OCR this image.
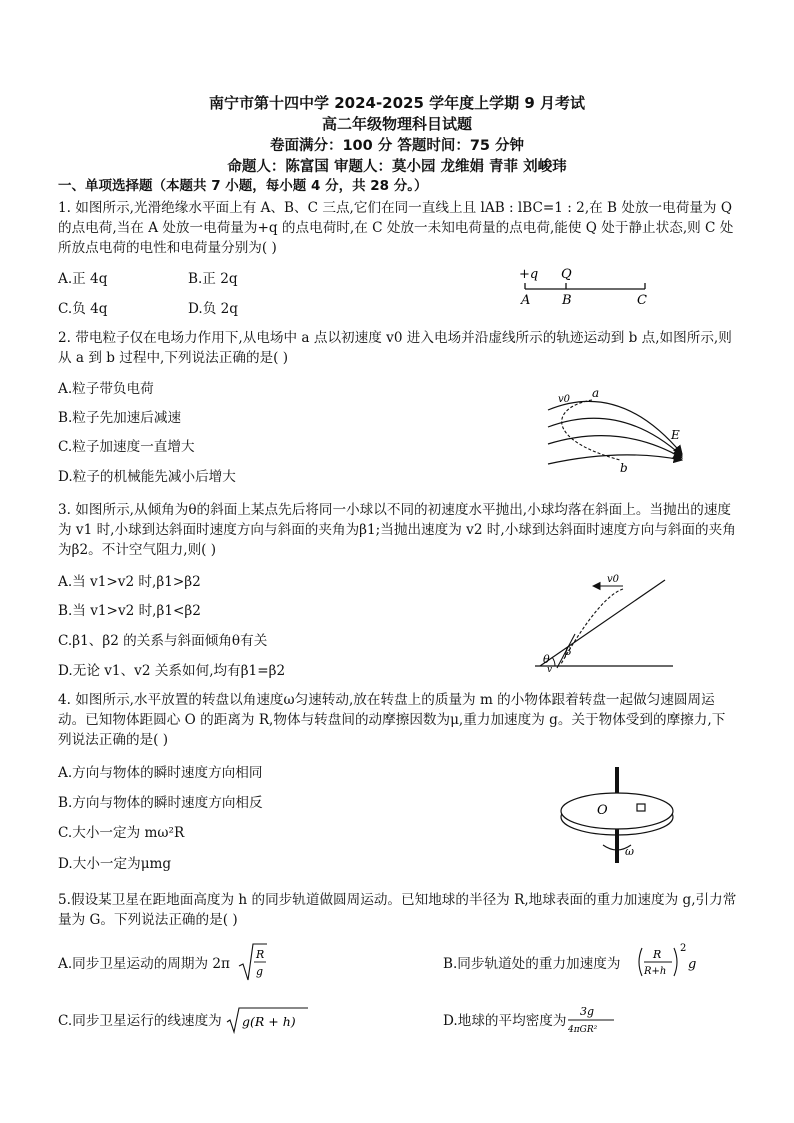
南宁市第十四中学 2024-2025 学年度上学期 9 月考试
高二年级物理科目试题
卷面满分：100 分 答题时间：75 分钟
命题人：陈富国 审题人：莫小园 龙维娟 青菲 刘峻玮
一、单项选择题（本题共 7 小题，每小题 4 分，共 28 分。）
1. 如图所示,光滑绝缘水平面上有 A、B、C 三点,它们在同一直线上且 lAB : lBC=1 : 2,在 B 处放一电荷量为 Q 的点电荷,当在 A 处放一电荷量为+q 的点电荷时,在 C 处放一未知电荷量的点电荷,能使 Q 处于静止状态,则 C 处所放点电荷的电性和电荷量分别为( )
A.正 4q	B.正 2q
C.负 4q	D.负 2q
+q Q
A B	C
2. 带电粒子仅在电场力作用下,从电场中 a 点以初速度 v0 进入电场并沿虚线所示的轨迹运动到 b 点,如图所示,则从 a 到 b 过程中,下列说法正确的是( )
A.粒子带负电荷
B.粒子先加速后减速
C.粒子加速度一直增大
D.粒子的机械能先减小后增大
v0 a
E
b
3. 如图所示,从倾角为θ的斜面上某点先后将同一小球以不同的初速度水平抛出,小球均落在斜面上。当抛出的速度为 v1 时,小球到达斜面时速度方向与斜面的夹角为β1;当抛出速度为 v2 时,小球到达斜面时速度方向与斜面的夹角为β2。不计空气阻力,则( )
A.当 v1>v2 时,β1>β2
B.当 v1>v2 时,β1<β2
C.β1、β2 的关系与斜面倾角θ有关
D.无论 v1、v2 关系如何,均有β1=β2
v0
θ
β
v
4. 如图所示,水平放置的转盘以角速度ω匀速转动,放在转盘上的质量为 m 的小物体跟着转盘一起做匀速圆周运动。已知物体距圆心 O 的距离为 R,物体与转盘间的动摩擦因数为μ,重力加速度为 g。关于物体受到的摩擦力,下列说法正确的是( )
A.方向与物体的瞬时速度方向相同
B.方向与物体的瞬时速度方向相反
C.大小一定为 mω²R
D.大小一定为μmg
O
ω
5.假设某卫星在距地面高度为 h 的同步轨道做圆周运动。已知地球的半径为 R,地球表面的重力加速度为 g,引力常量为 G。下列说法正确的是( )
A.同步卫星运动的周期为 2π
R
g	B.同步轨道处的重力加速度为
R
R+h
2
g
C.同步卫星运行的线速度为 g(R + h)	D.地球的平均密度为
3g
4πGR²
